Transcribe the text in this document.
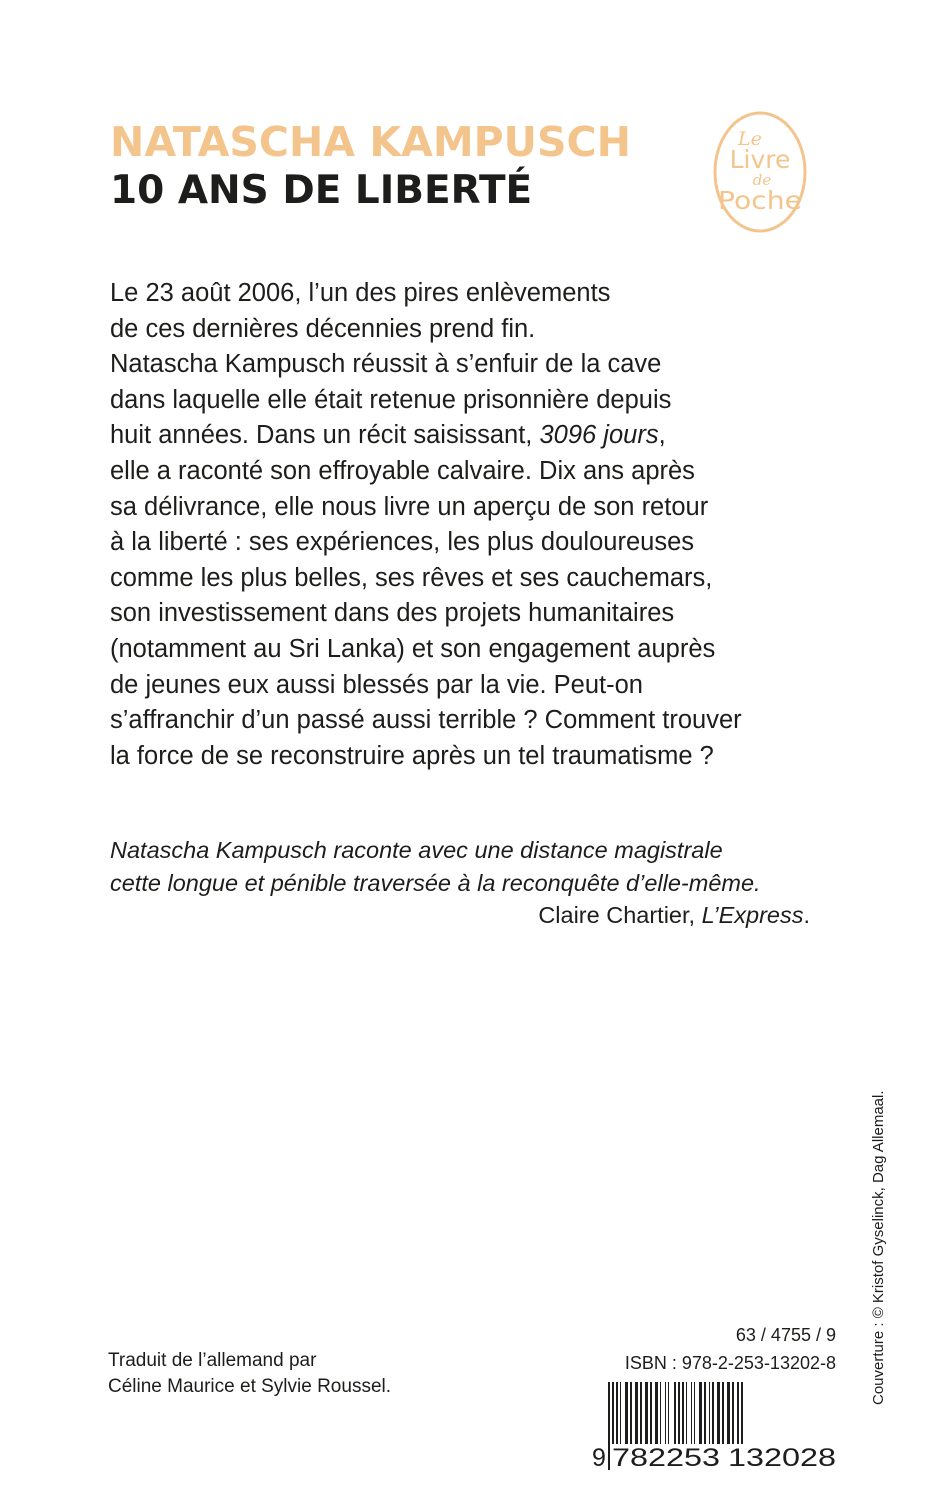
NATASCHA KAMPUSCH
10 ANS DE LIBERTÉ
Le
Livre
de
Poche
Le 23 août 2006, l’un des pires enlèvements
de ces dernières décennies prend fin.
Natascha Kampusch réussit à s’enfuir de la cave
dans laquelle elle était retenue prisonnière depuis
huit années. Dans un récit saisissant, 3096 jours,
elle a raconté son effroyable calvaire. Dix ans après
sa délivrance, elle nous livre un aperçu de son retour
à la liberté : ses expériences, les plus douloureuses
comme les plus belles, ses rêves et ses cauchemars,
son investissement dans des projets humanitaires
(notamment au Sri Lanka) et son engagement auprès
de jeunes eux aussi blessés par la vie. Peut-on
s’affranchir d’un passé aussi terrible ? Comment trouver
la force de se reconstruire après un tel traumatisme ?
Natascha Kampusch raconte avec une distance magistrale
cette longue et pénible traversée à la reconquête d’elle-même.
Claire Chartier, L’Express.
Traduit de l’allemand par
Céline Maurice et Sylvie Roussel.
63 / 4755 / 9
ISBN : 978-2-253-13202-8
9 782253 132028
Couverture : © Kristof Gyselinck, Dag Allemaal.
